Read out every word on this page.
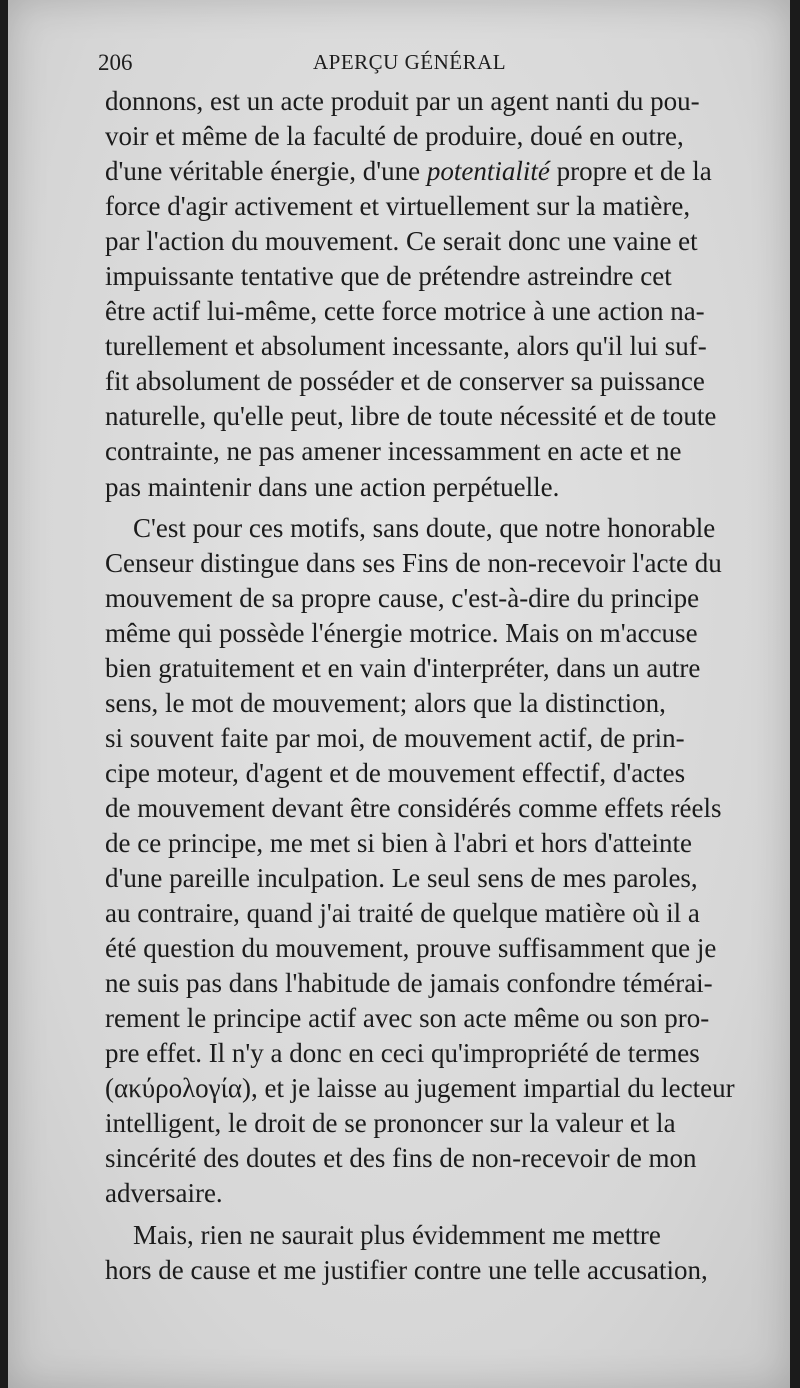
206	APERÇU GÉNÉRAL
donnons, est un acte produit par un agent nanti du pou-
voir et même de la faculté de produire, doué en outre,
d'une véritable énergie, d'une potentialité propre et de la
force d'agir activement et virtuellement sur la matière,
par l'action du mouvement. Ce serait donc une vaine et
impuissante tentative que de prétendre astreindre cet
être actif lui-même, cette force motrice à une action na-
turellement et absolument incessante, alors qu'il lui suf-
fit absolument de posséder et de conserver sa puissance
naturelle, qu'elle peut, libre de toute nécessité et de toute
contrainte, ne pas amener incessamment en acte et ne
pas maintenir dans une action perpétuelle.
C'est pour ces motifs, sans doute, que notre honorable
Censeur distingue dans ses Fins de non-recevoir l'acte du
mouvement de sa propre cause, c'est-à-dire du principe
même qui possède l'énergie motrice. Mais on m'accuse
bien gratuitement et en vain d'interpréter, dans un autre
sens, le mot de mouvement; alors que la distinction,
si souvent faite par moi, de mouvement actif, de prin-
cipe moteur, d'agent et de mouvement effectif, d'actes
de mouvement devant être considérés comme effets réels
de ce principe, me met si bien à l'abri et hors d'atteinte
d'une pareille inculpation. Le seul sens de mes paroles,
au contraire, quand j'ai traité de quelque matière où il a
été question du mouvement, prouve suffisamment que je
ne suis pas dans l'habitude de jamais confondre témérai-
rement le principe actif avec son acte même ou son pro-
pre effet. Il n'y a donc en ceci qu'impropriété de termes
(ακύρολογία), et je laisse au jugement impartial du lecteur
intelligent, le droit de se prononcer sur la valeur et la
sincérité des doutes et des fins de non-recevoir de mon
adversaire.
Mais, rien ne saurait plus évidemment me mettre
hors de cause et me justifier contre une telle accusation,
